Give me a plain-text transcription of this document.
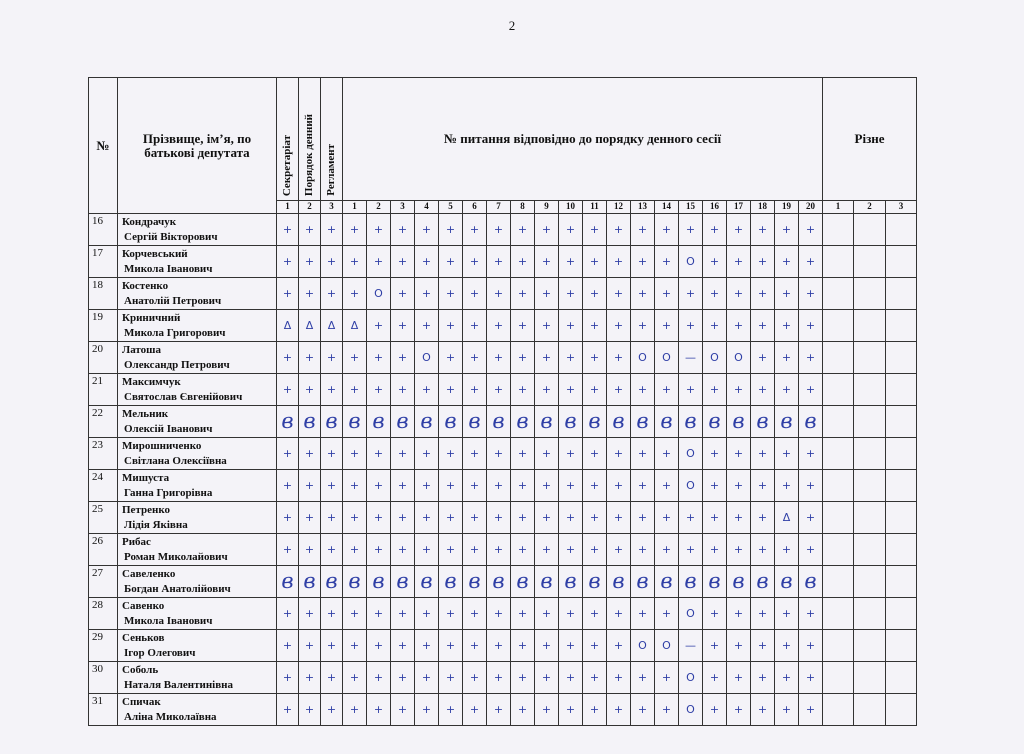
2
№	Прізвище, ім’я, по батькові депутата	Секретаріат	Порядок денний	Регламент	№ питання відповідно до порядку денного сесії																				Різне		
		1	2	3	1	2	3	4	5	6	7	8	9	10	11	12	13	14	15	16	17	18	19	20	1	2	3
16	Кондрачук
Сергій Вікторович	+	+	+	+	+	+	+	+	+	+	+	+	+	+	+	+	+	+	+	+	+	+	+			
17	Корчевський
Микола Іванович	+	+	+	+	+	+	+	+	+	+	+	+	+	+	+	+	+	O	+	+	+	+	+			
18	Костенко
Анатолій Петрович	+	+	+	+	O	+	+	+	+	+	+	+	+	+	+	+	+	+	+	+	+	+	+			
19	Криничний
Микола Григорович	Δ	Δ	Δ	Δ	+	+	+	+	+	+	+	+	+	+	+	+	+	+	+	+	+	+	+			
20	Латоша
Олександр Петрович	+	+	+	+	+	+	O	+	+	+	+	+	+	+	+	O	O	—	O	O	+	+	+			
21	Максимчук
Святослав Євгенійович	+	+	+	+	+	+	+	+	+	+	+	+	+	+	+	+	+	+	+	+	+	+	+			
22	Мельник
Олексій Іванович	в	в	в	в	в	в	в	в	в	в	в	в	в	в	в	в	в	в	в	в	в	в	в			
23	Мирошниченко
Світлана Олексіївна	+	+	+	+	+	+	+	+	+	+	+	+	+	+	+	+	+	O	+	+	+	+	+			
24	Мишуста
Ганна Григорівна	+	+	+	+	+	+	+	+	+	+	+	+	+	+	+	+	+	O	+	+	+	+	+			
25	Петренко
Лідія Яківна	+	+	+	+	+	+	+	+	+	+	+	+	+	+	+	+	+	+	+	+	+	Δ	+			
26	Рибас
Роман Миколайович	+	+	+	+	+	+	+	+	+	+	+	+	+	+	+	+	+	+	+	+	+	+	+			
27	Савеленко
Богдан Анатолійович	в	в	в	в	в	в	в	в	в	в	в	в	в	в	в	в	в	в	в	в	в	в	в			
28	Савенко
Микола Іванович	+	+	+	+	+	+	+	+	+	+	+	+	+	+	+	+	+	O	+	+	+	+	+			
29	Сеньков
Ігор Олегович	+	+	+	+	+	+	+	+	+	+	+	+	+	+	+	O	O	—	+	+	+	+	+			
30	Соболь
Наталя Валентинівна	+	+	+	+	+	+	+	+	+	+	+	+	+	+	+	+	+	O	+	+	+	+	+			
31	Спичак
Аліна Миколаївна	+	+	+	+	+	+	+	+	+	+	+	+	+	+	+	+	+	O	+	+	+	+	+			
